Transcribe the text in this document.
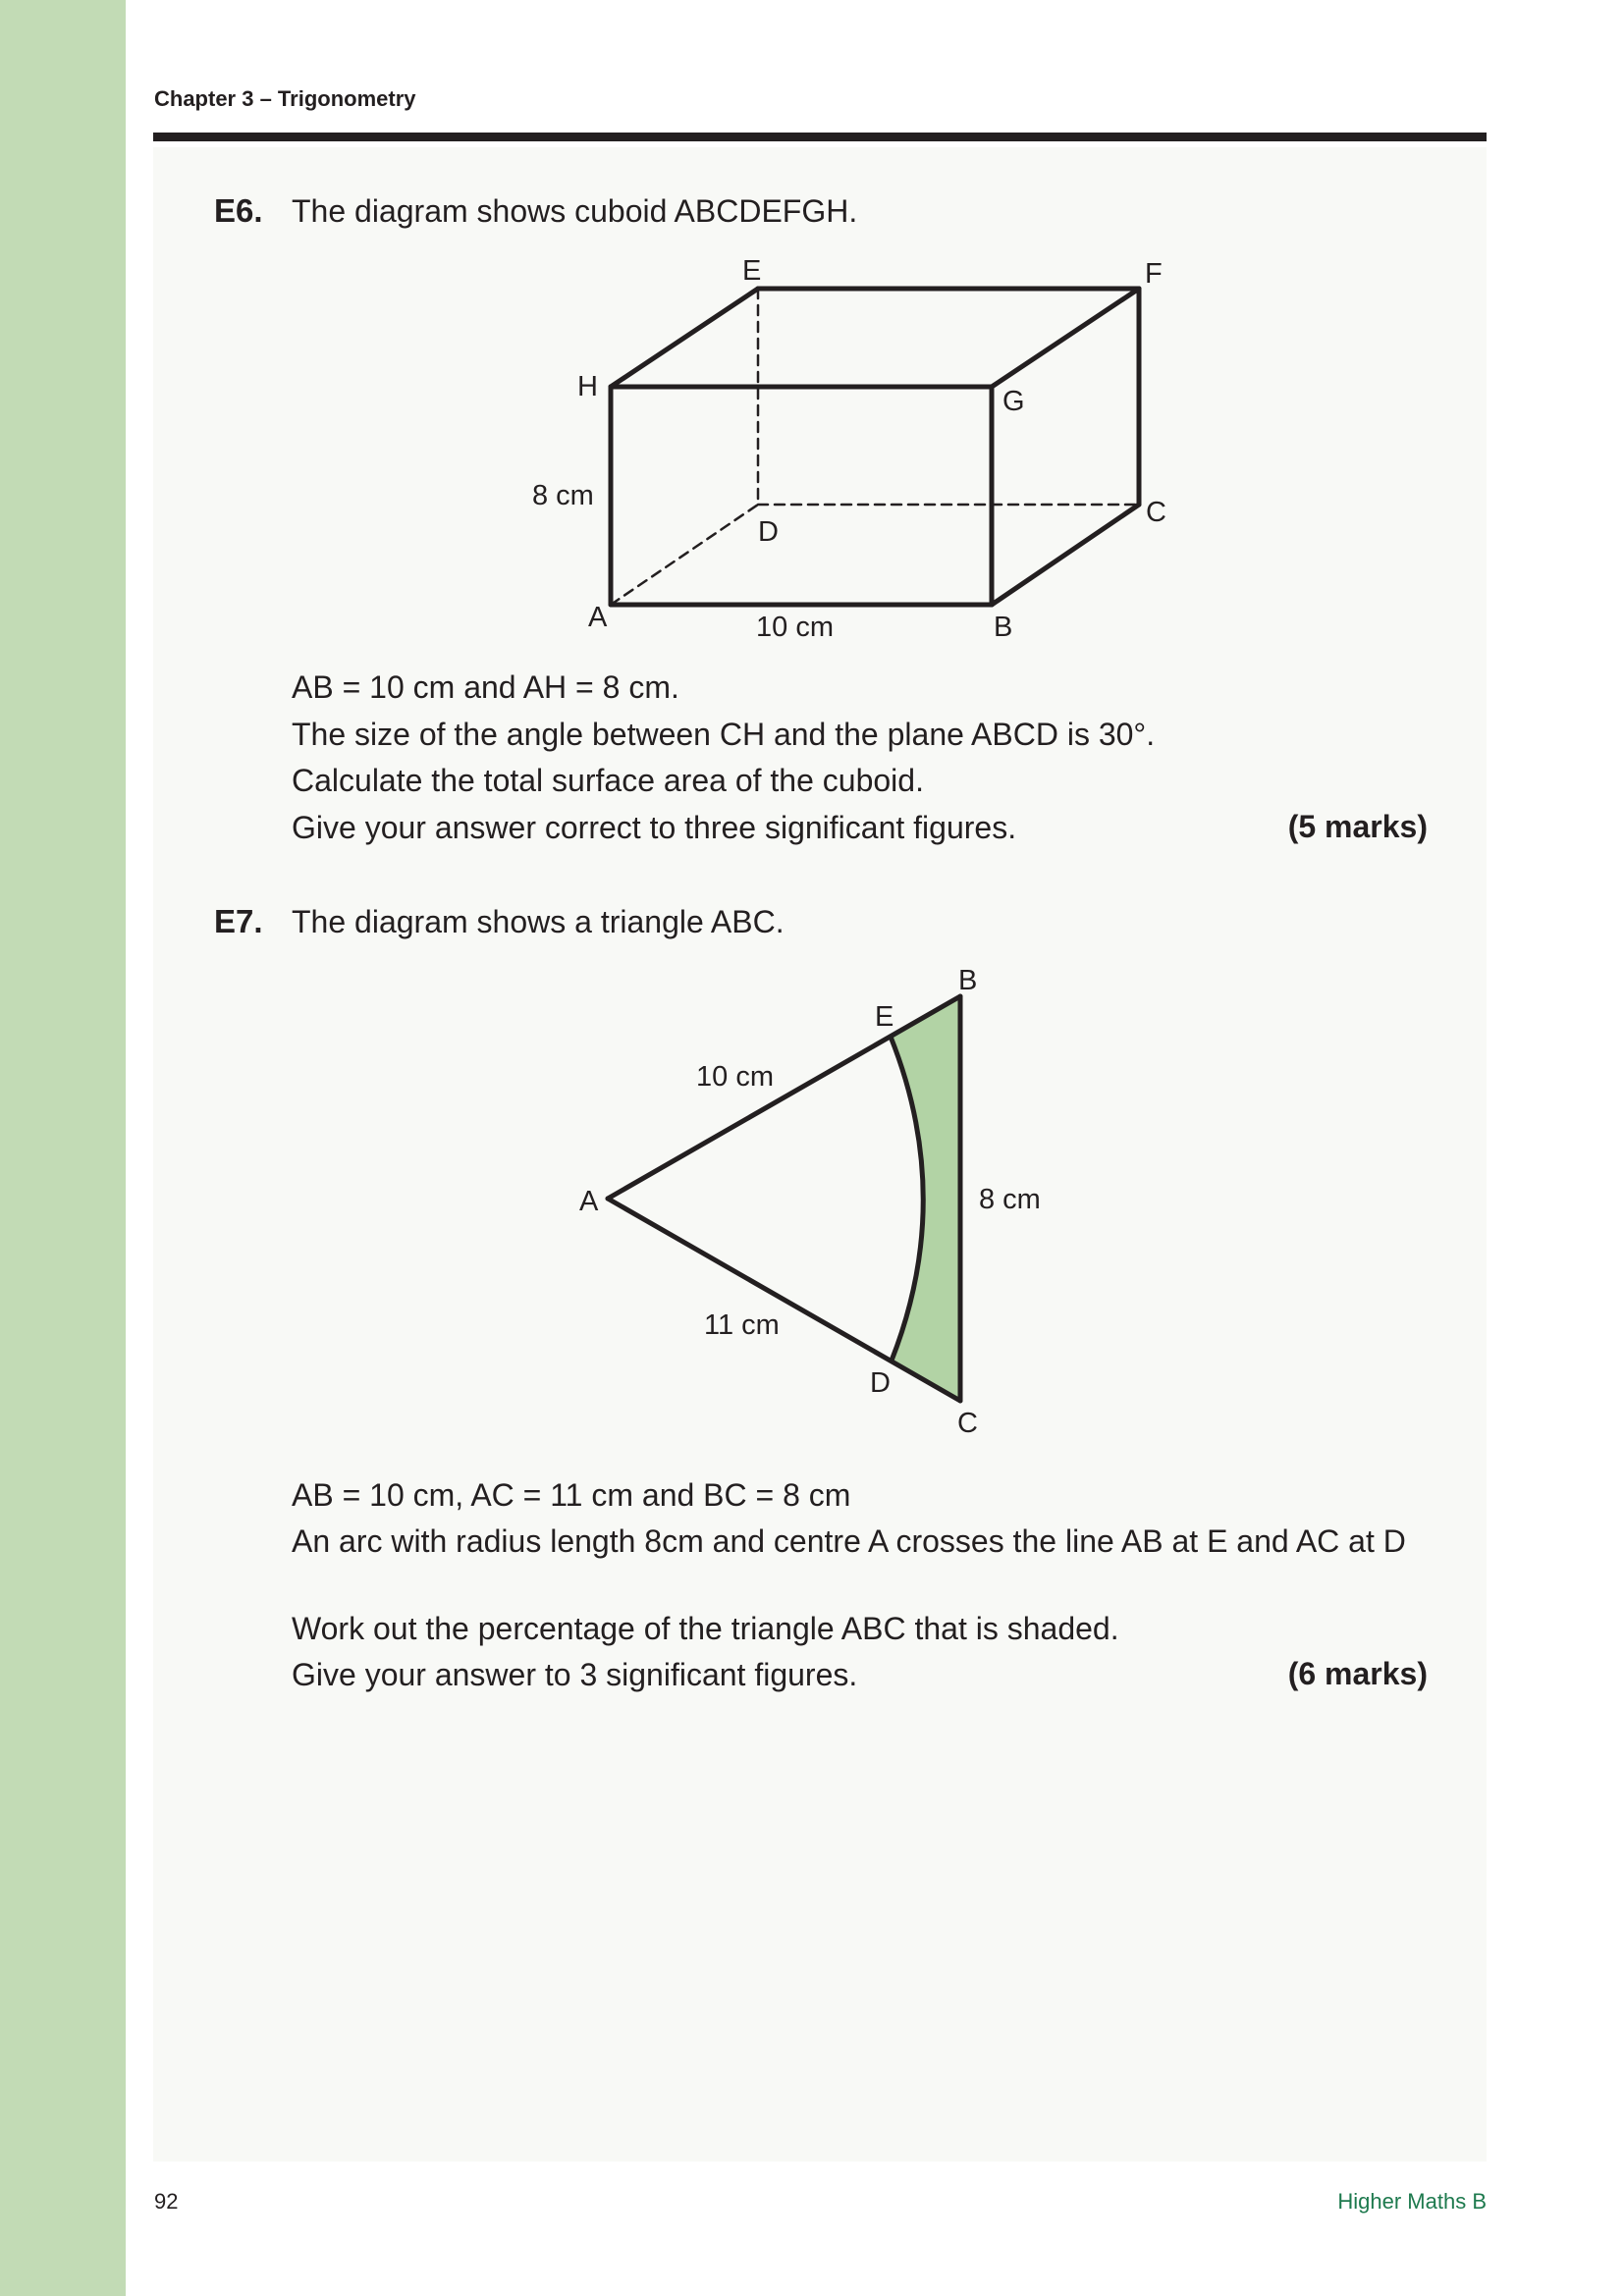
Chapter 3 – Trigonometry
E6. The diagram shows cuboid ABCDEFGH.
E	F
H	G
C
D
A	B
8 cm
10 cm
B
E
A
D
C
10 cm
11 cm
8 cm
AB = 10 cm and AH = 8 cm.
The size of the angle between CH and the plane ABCD is 30°.
Calculate the total surface area of the cuboid.
Give your answer correct to three significant figures.	(5 marks)
E7. The diagram shows a triangle ABC.
AB = 10 cm, AC = 11 cm and BC = 8 cm
An arc with radius length 8cm and centre A crosses the line AB at E and AC at D
Work out the percentage of the triangle ABC that is shaded.
Give your answer to 3 significant figures.	(6 marks)
92	Higher Maths B
